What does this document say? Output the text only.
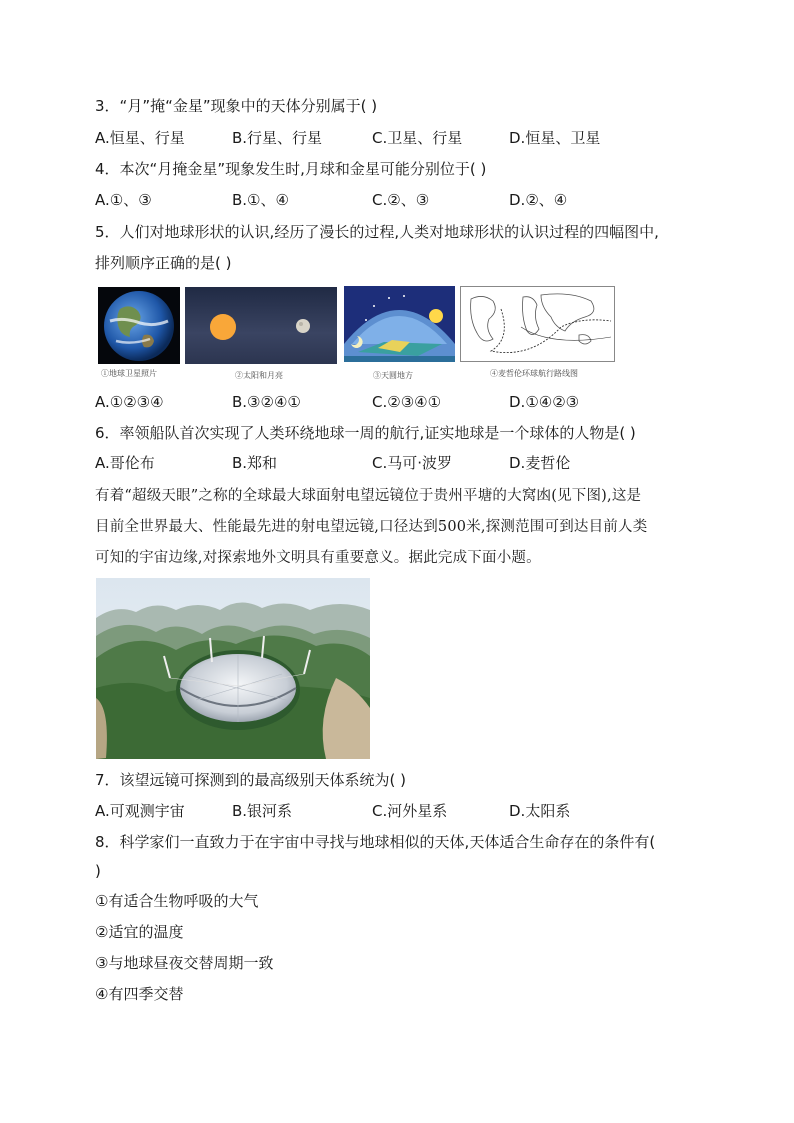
3．“月”掩“金星”现象中的天体分别属于( )
A.恒星、行星	B.行星、行星	C.卫星、行星	D.恒星、卫星
4．本次“月掩金星”现象发生时,月球和金星可能分别位于( )
A.①、③	B.①、④	C.②、③	D.②、④
5．人们对地球形状的认识,经历了漫长的过程,人类对地球形状的认识过程的四幅图中,
排列顺序正确的是( )
①地球卫星照片	②太阳和月亮	③天圆地方	④麦哲伦环球航行路线图
A.①②③④	B.③②④①	C.②③④①	D.①④②③
6．率领船队首次实现了人类环绕地球一周的航行,证实地球是一个球体的人物是( )
A.哥伦布	B.郑和	C.马可·波罗	D.麦哲伦
有着“超级天眼”之称的全球最大球面射电望远镜位于贵州平塘的大窝凼(见下图),这是
目前全世界最大、性能最先进的射电望远镜,口径达到500米,探测范围可到达目前人类
可知的宇宙边缘,对探索地外文明具有重要意义。据此完成下面小题。
7．该望远镜可探测到的最高级别天体系统为( )
A.可观测宇宙	B.银河系	C.河外星系	D.太阳系
8．科学家们一直致力于在宇宙中寻找与地球相似的天体,天体适合生命存在的条件有(
)
①有适合生物呼吸的大气
②适宜的温度
③与地球昼夜交替周期一致
④有四季交替
